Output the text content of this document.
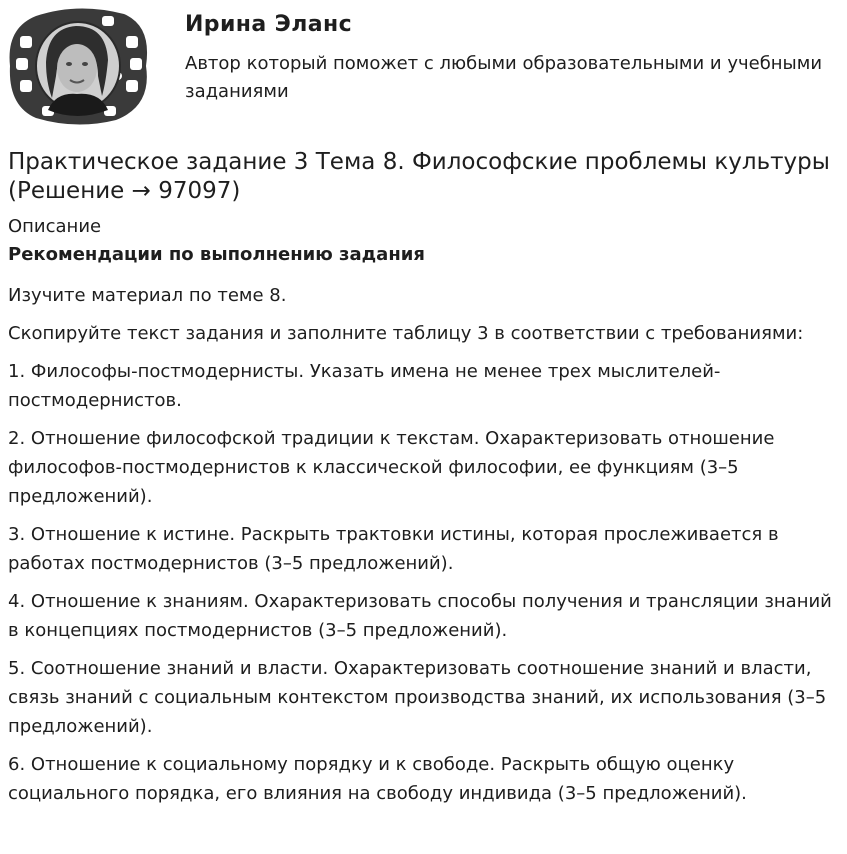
Ирина Эланс
Автор который поможет с любыми образовательными и учебными заданиями
Практическое задание 3 Тема 8. Философские проблемы культуры (Решение → 97097)
Описание
Рекомендации по выполнению задания

Изучите материал по теме 8.

Скопируйте текст задания и заполните таблицу 3 в соответствии с требованиями:

1. Философы-постмодернисты. Указать имена не менее трех мыслителей-постмодернистов.

2. Отношение философской традиции к текстам. Охарактеризовать отношение философов-постмодернистов к классической философии, ее функциям (3–5 предложений).

3. Отношение к истине. Раскрыть трактовки истины, которая прослеживается в работах постмодернистов (3–5 предложений).

4. Отношение к знаниям. Охарактеризовать способы получения и трансляции знаний в концепциях постмодернистов (3–5 предложений).

5. Соотношение знаний и власти. Охарактеризовать соотношение знаний и власти, связь знаний с социальным контекстом производства знаний, их использования (3–5 предложений).

6. Отношение к социальному порядку и к свободе. Раскрыть общую оценку социального порядка, его влияния на свободу индивида (3–5 предложений).
